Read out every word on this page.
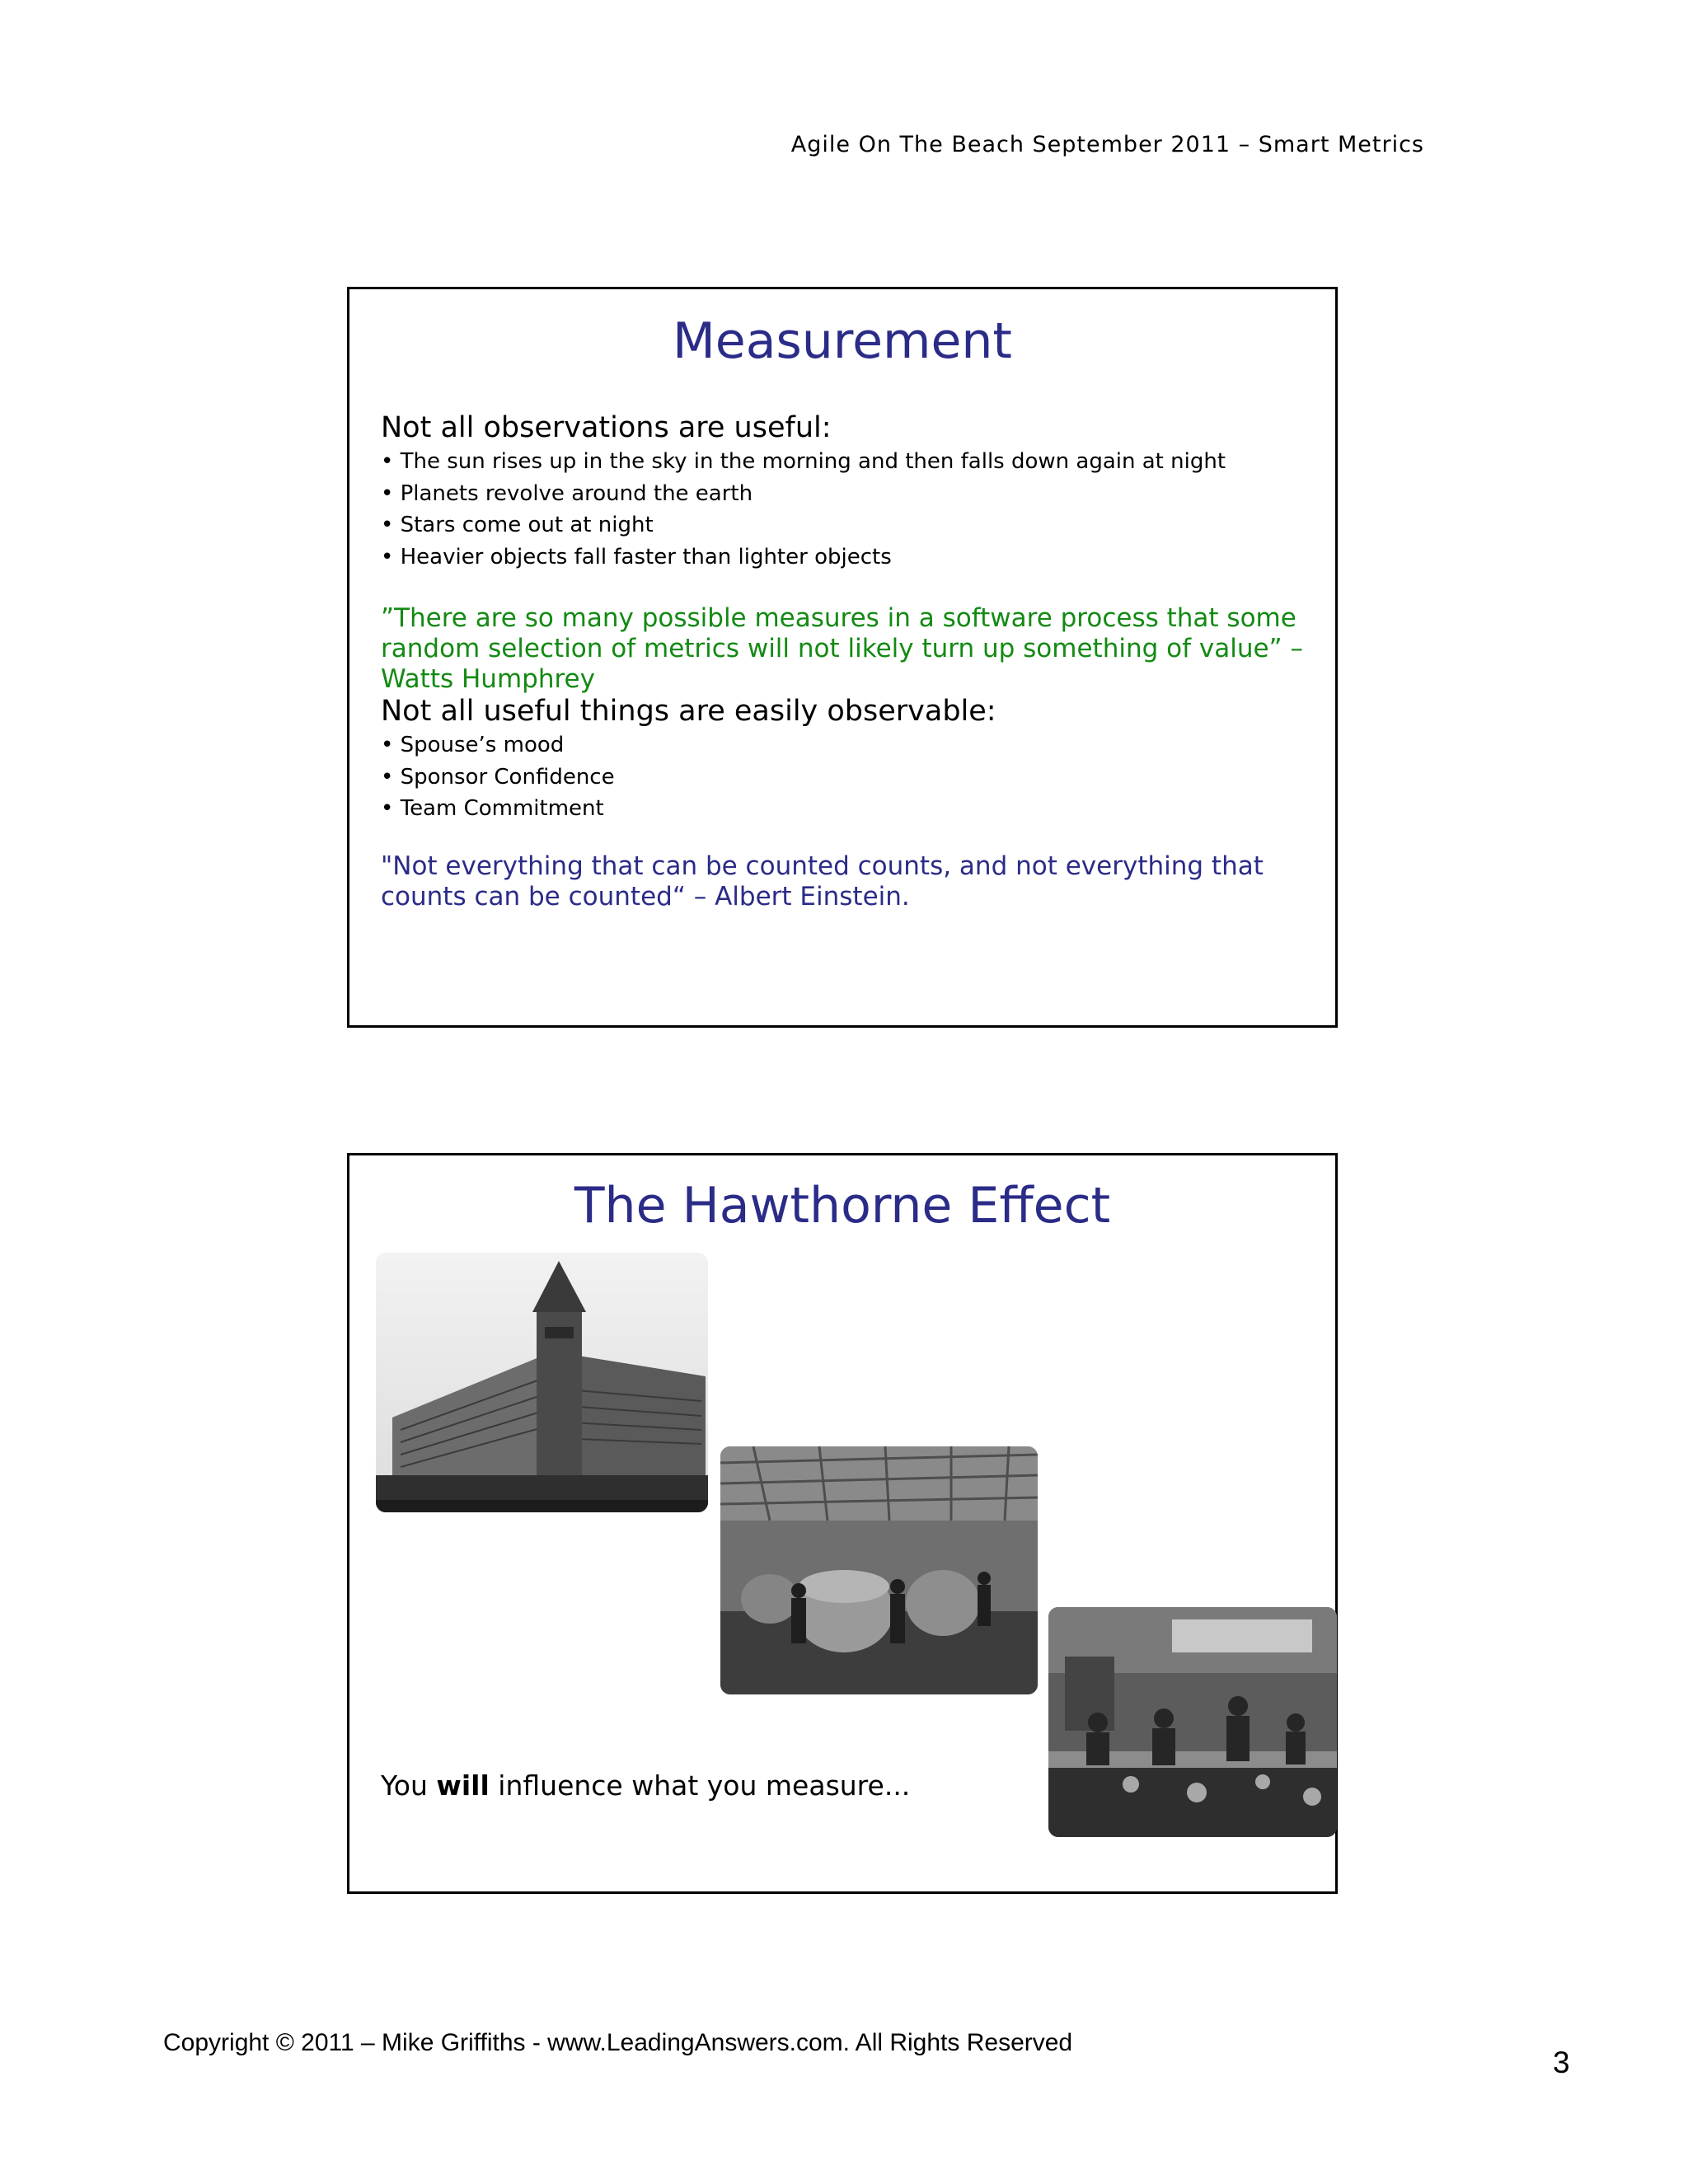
Agile On The Beach September 2011 – Smart Metrics
Measurement
Not all observations are useful:
• The sun rises up in the sky in the morning and then falls down again at night
• Planets revolve around the earth
• Stars come out at night
• Heavier objects fall faster than lighter objects
”There are so many possible measures in a software process that some random selection of metrics will not likely turn up something of value” – Watts Humphrey
Not all useful things are easily observable:
• Spouse’s mood
• Sponsor Confidence
• Team Commitment
"Not everything that can be counted counts, and not everything that counts can be counted“ – Albert Einstein.
The Hawthorne Effect
You will influence what you measure...
Copyright © 2011 – Mike Griffiths - www.LeadingAnswers.com. All Rights Reserved
3
